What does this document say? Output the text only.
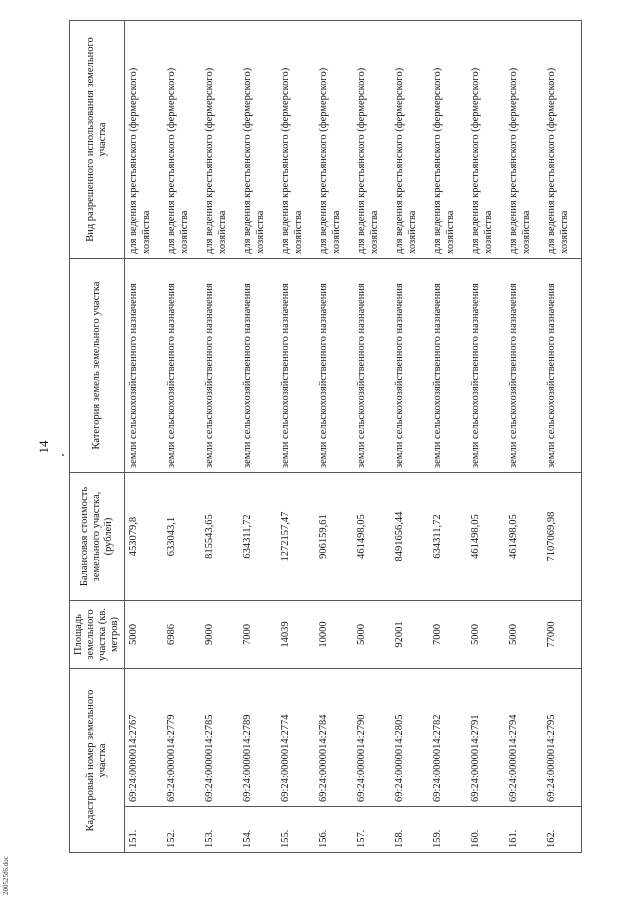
200525f6.doc
14
Кадастровый номер земельного участка		Площадь земельного участка (кв. метров)	Балансовая стоимость земельного участка, (рублей)	Категория земель земельного участка	Вид разрешенного использования земельного участка
151.	69:24:0000014:2767	5000	453079,8	земли сельскохозяйственного назначения	для ведения крестьянского (фермерского) хозяйства
152.	69:24:0000014:2779	6986	633043,1	земли сельскохозяйственного назначения	для ведения крестьянского (фермерского) хозяйства
153.	69:24:0000014:2785	9000	815543,65	земли сельскохозяйственного назначения	для ведения крестьянского (фермерского) хозяйства
154.	69:24:0000014:2789	7000	634311,72	земли сельскохозяйственного назначения	для ведения крестьянского (фермерского) хозяйства
155.	69:24:0000014:2774	14039	1272157,47	земли сельскохозяйственного назначения	для ведения крестьянского (фермерского) хозяйства
156.	69:24:0000014:2784	10000	906159,61	земли сельскохозяйственного назначения	для ведения крестьянского (фермерского) хозяйства
157.	69:24:0000014:2790	5000	461498,05	земли сельскохозяйственного назначения	для ведения крестьянского (фермерского) хозяйства
158.	69:24:0000014:2805	92001	8491656,44	земли сельскохозяйственного назначения	для ведения крестьянского (фермерского) хозяйства
159.	69:24:0000014:2782	7000	634311,72	земли сельскохозяйственного назначения	для ведения крестьянского (фермерского) хозяйства
160.	69:24:0000014:2791	5000	461498,05	земли сельскохозяйственного назначения	для ведения крестьянского (фермерского) хозяйства
161.	69:24:0000014:2794	5000	461498,05	земли сельскохозяйственного назначения	для ведения крестьянского (фермерского) хозяйства
162.	69:24:0000014:2795	77000	7107069,98	земли сельскохозяйственного назначения	для ведения крестьянского (фермерского) хозяйства
